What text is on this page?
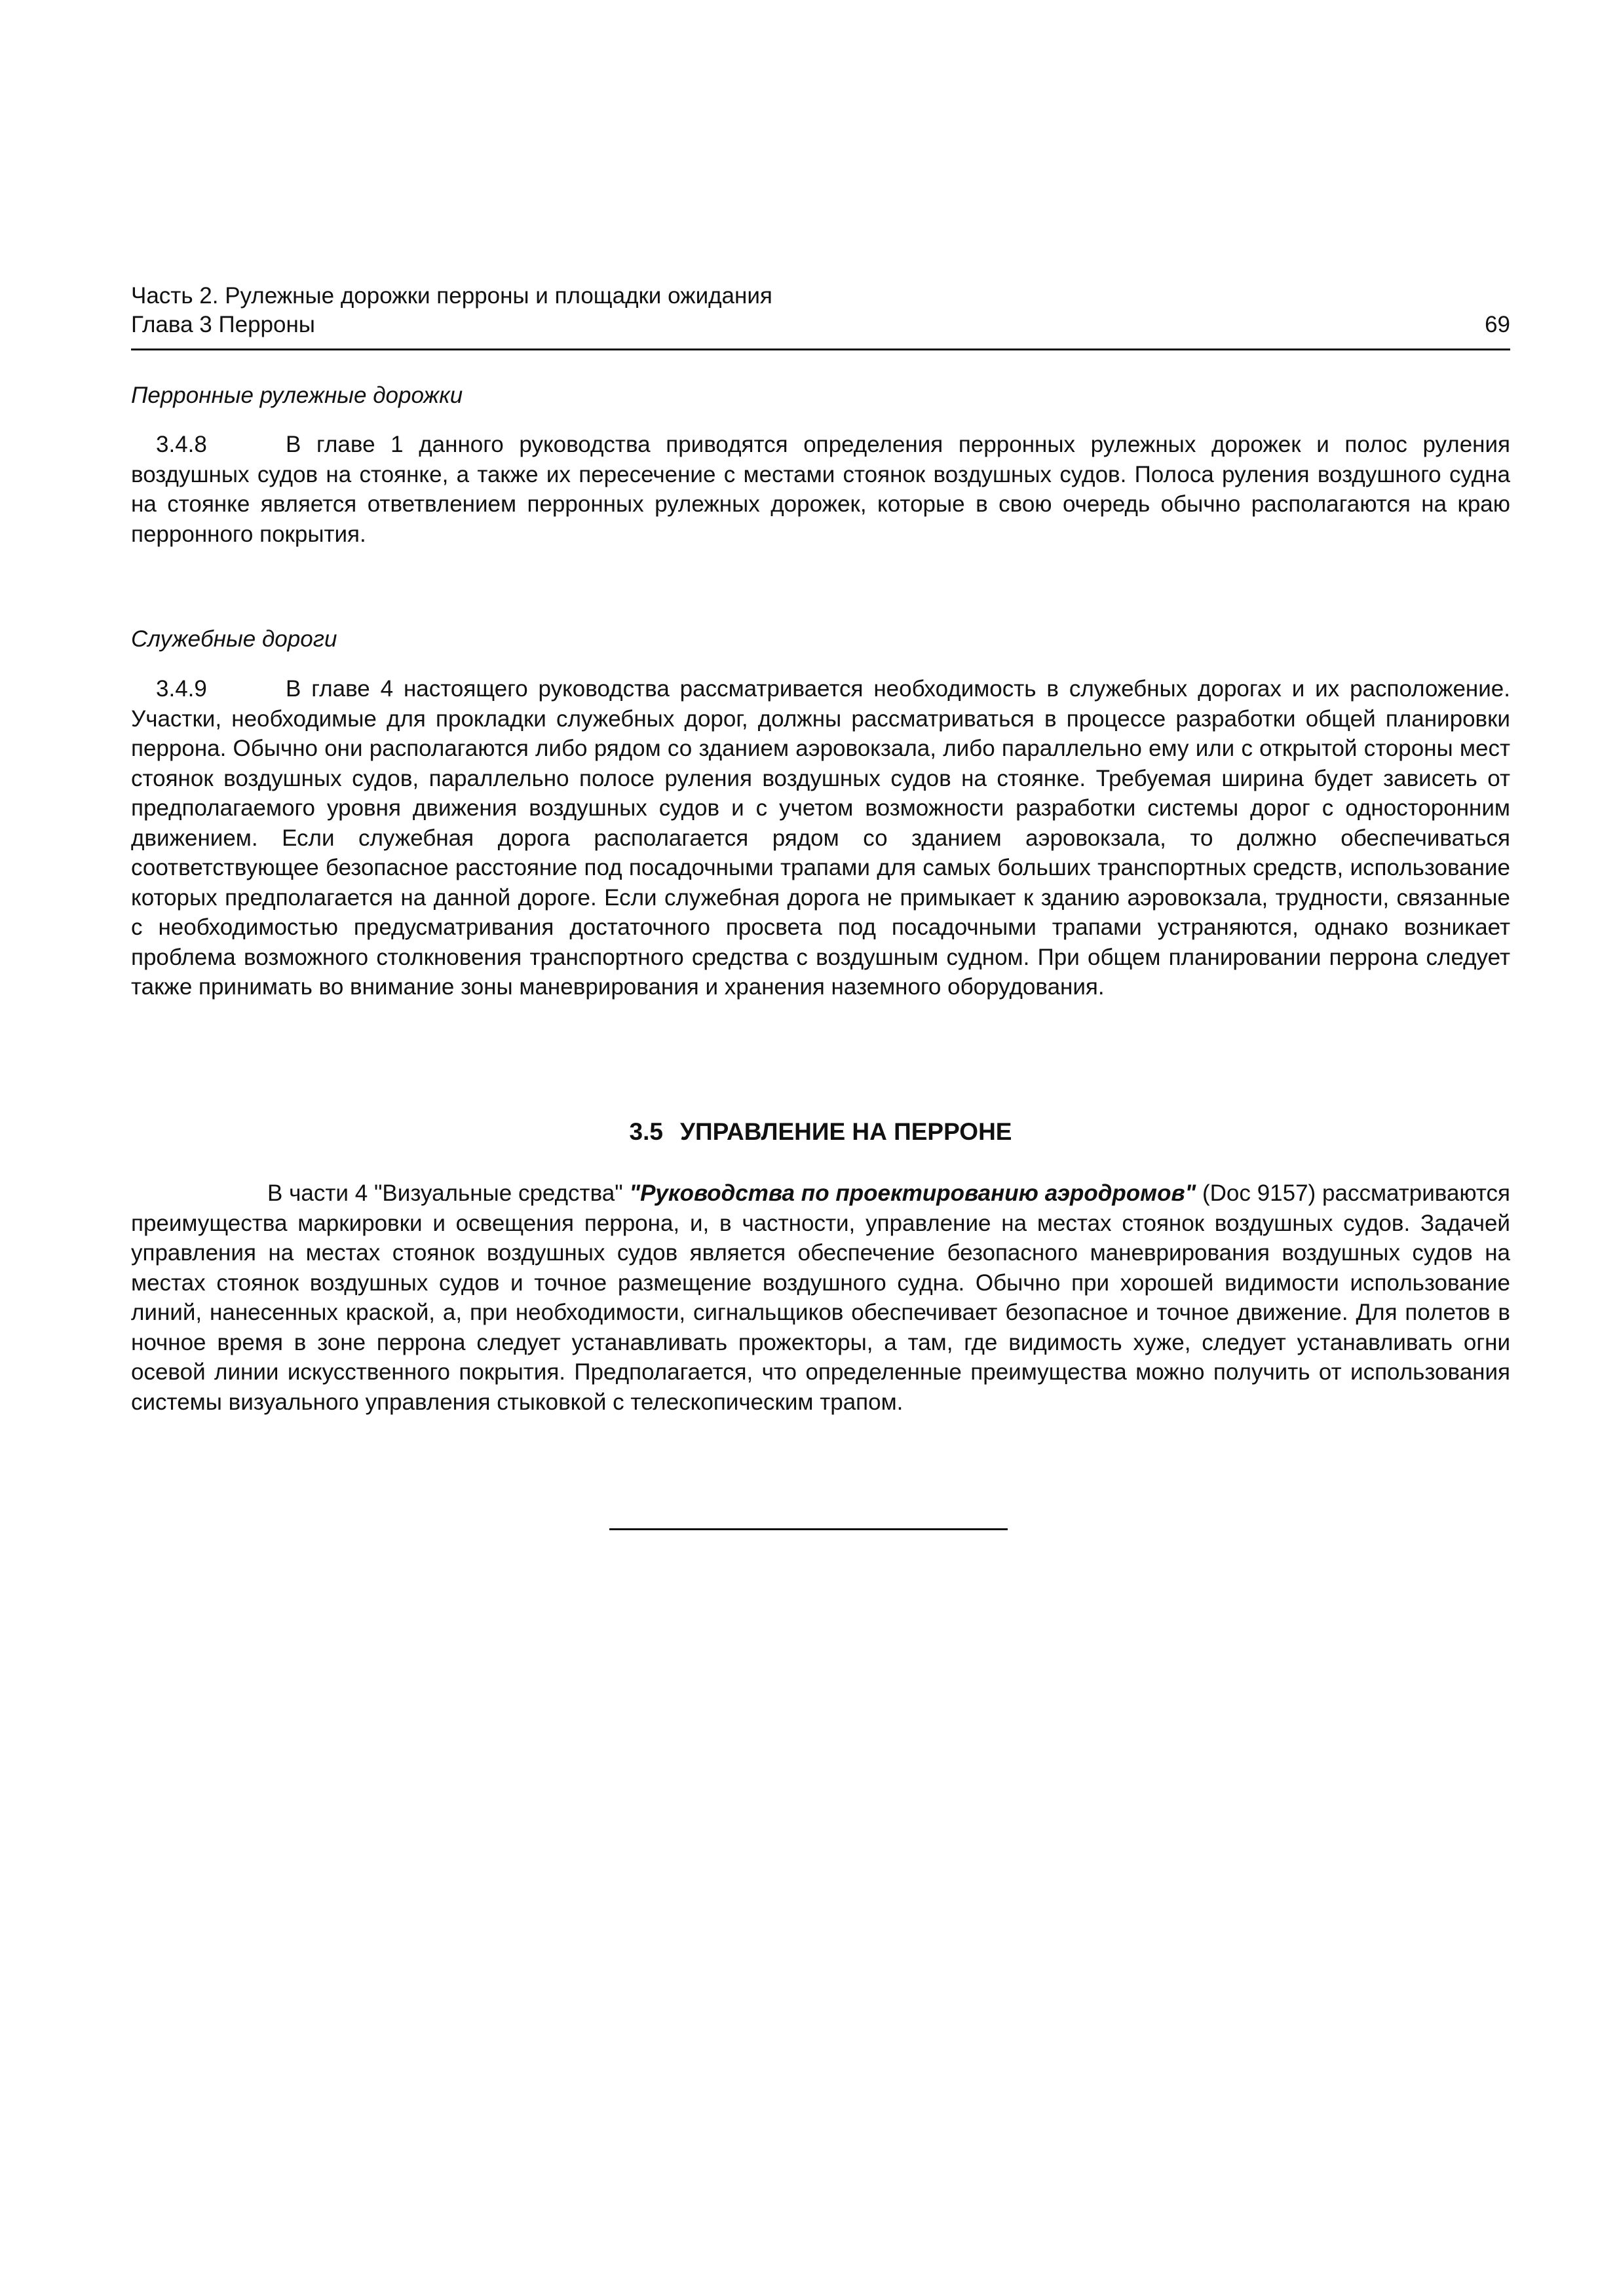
Часть 2. Рулежные дорожки перроны и площадки ожидания
Глава 3 Перроны	69
Перронные рулежные дорожки

3.4.8	В главе 1 данного руководства приводятся определения перронных рулежных дорожек и полос руления воздушных судов на стоянке, а также их пересечение с местами стоянок воздушных судов. Полоса руления воздушного судна на стоянке является ответвлением перронных рулежных дорожек, которые в свою очередь обычно располагаются на краю перронного покрытия.

Служебные дороги

3.4.9	В главе 4 настоящего руководства рассматривается необходимость в служебных дорогах и их расположение. Участки, необходимые для прокладки служебных дорог, должны рассматриваться в процессе разработки общей планировки перрона. Обычно они располагаются либо рядом со зданием аэровокзала, либо параллельно ему или с открытой стороны мест стоянок воздушных судов, параллельно полосе руления воздушных судов на стоянке. Требуемая ширина будет зависеть от предполагаемого уровня движения воздушных судов и с учетом возможности разработки системы дорог с односторонним движением. Если служебная дорога располагается рядом со зданием аэровокзала, то должно обеспечиваться соответствующее безопасное расстояние под посадочными трапами для самых больших транспортных средств, использование которых предполагается на данной дороге. Если служебная дорога не примыкает к зданию аэровокзала, трудности, связанные с необходимостью предусматривания достаточного просвета под посадочными трапами устраняются, однако возникает проблема возможного столкновения транспортного средства с воздушным судном. При общем планировании перрона следует также принимать во внимание зоны маневрирования и хранения наземного оборудования.

3.5 УПРАВЛЕНИЕ НА ПЕРРОНЕ

В части 4 "Визуальные средства" "Руководства по проектированию аэродромов" (Doc 9157) рассматриваются преимущества маркировки и освещения перрона, и, в частности, управление на местах стоянок воздушных судов. Задачей управления на местах стоянок воздушных судов является обеспечение безопасного маневрирования воздушных судов на местах стоянок воздушных судов и точное размещение воздушного судна. Обычно при хорошей видимости использование линий, нанесенных краской, а, при необходимости, сигнальщиков обеспечивает безопасное и точное движение. Для полетов в ночное время в зоне перрона следует устанавливать прожекторы, а там, где видимость хуже, следует устанавливать огни осевой линии искусственного покрытия. Предполагается, что определенные преимущества можно получить от использования системы визуального управления стыковкой с телескопическим трапом.
